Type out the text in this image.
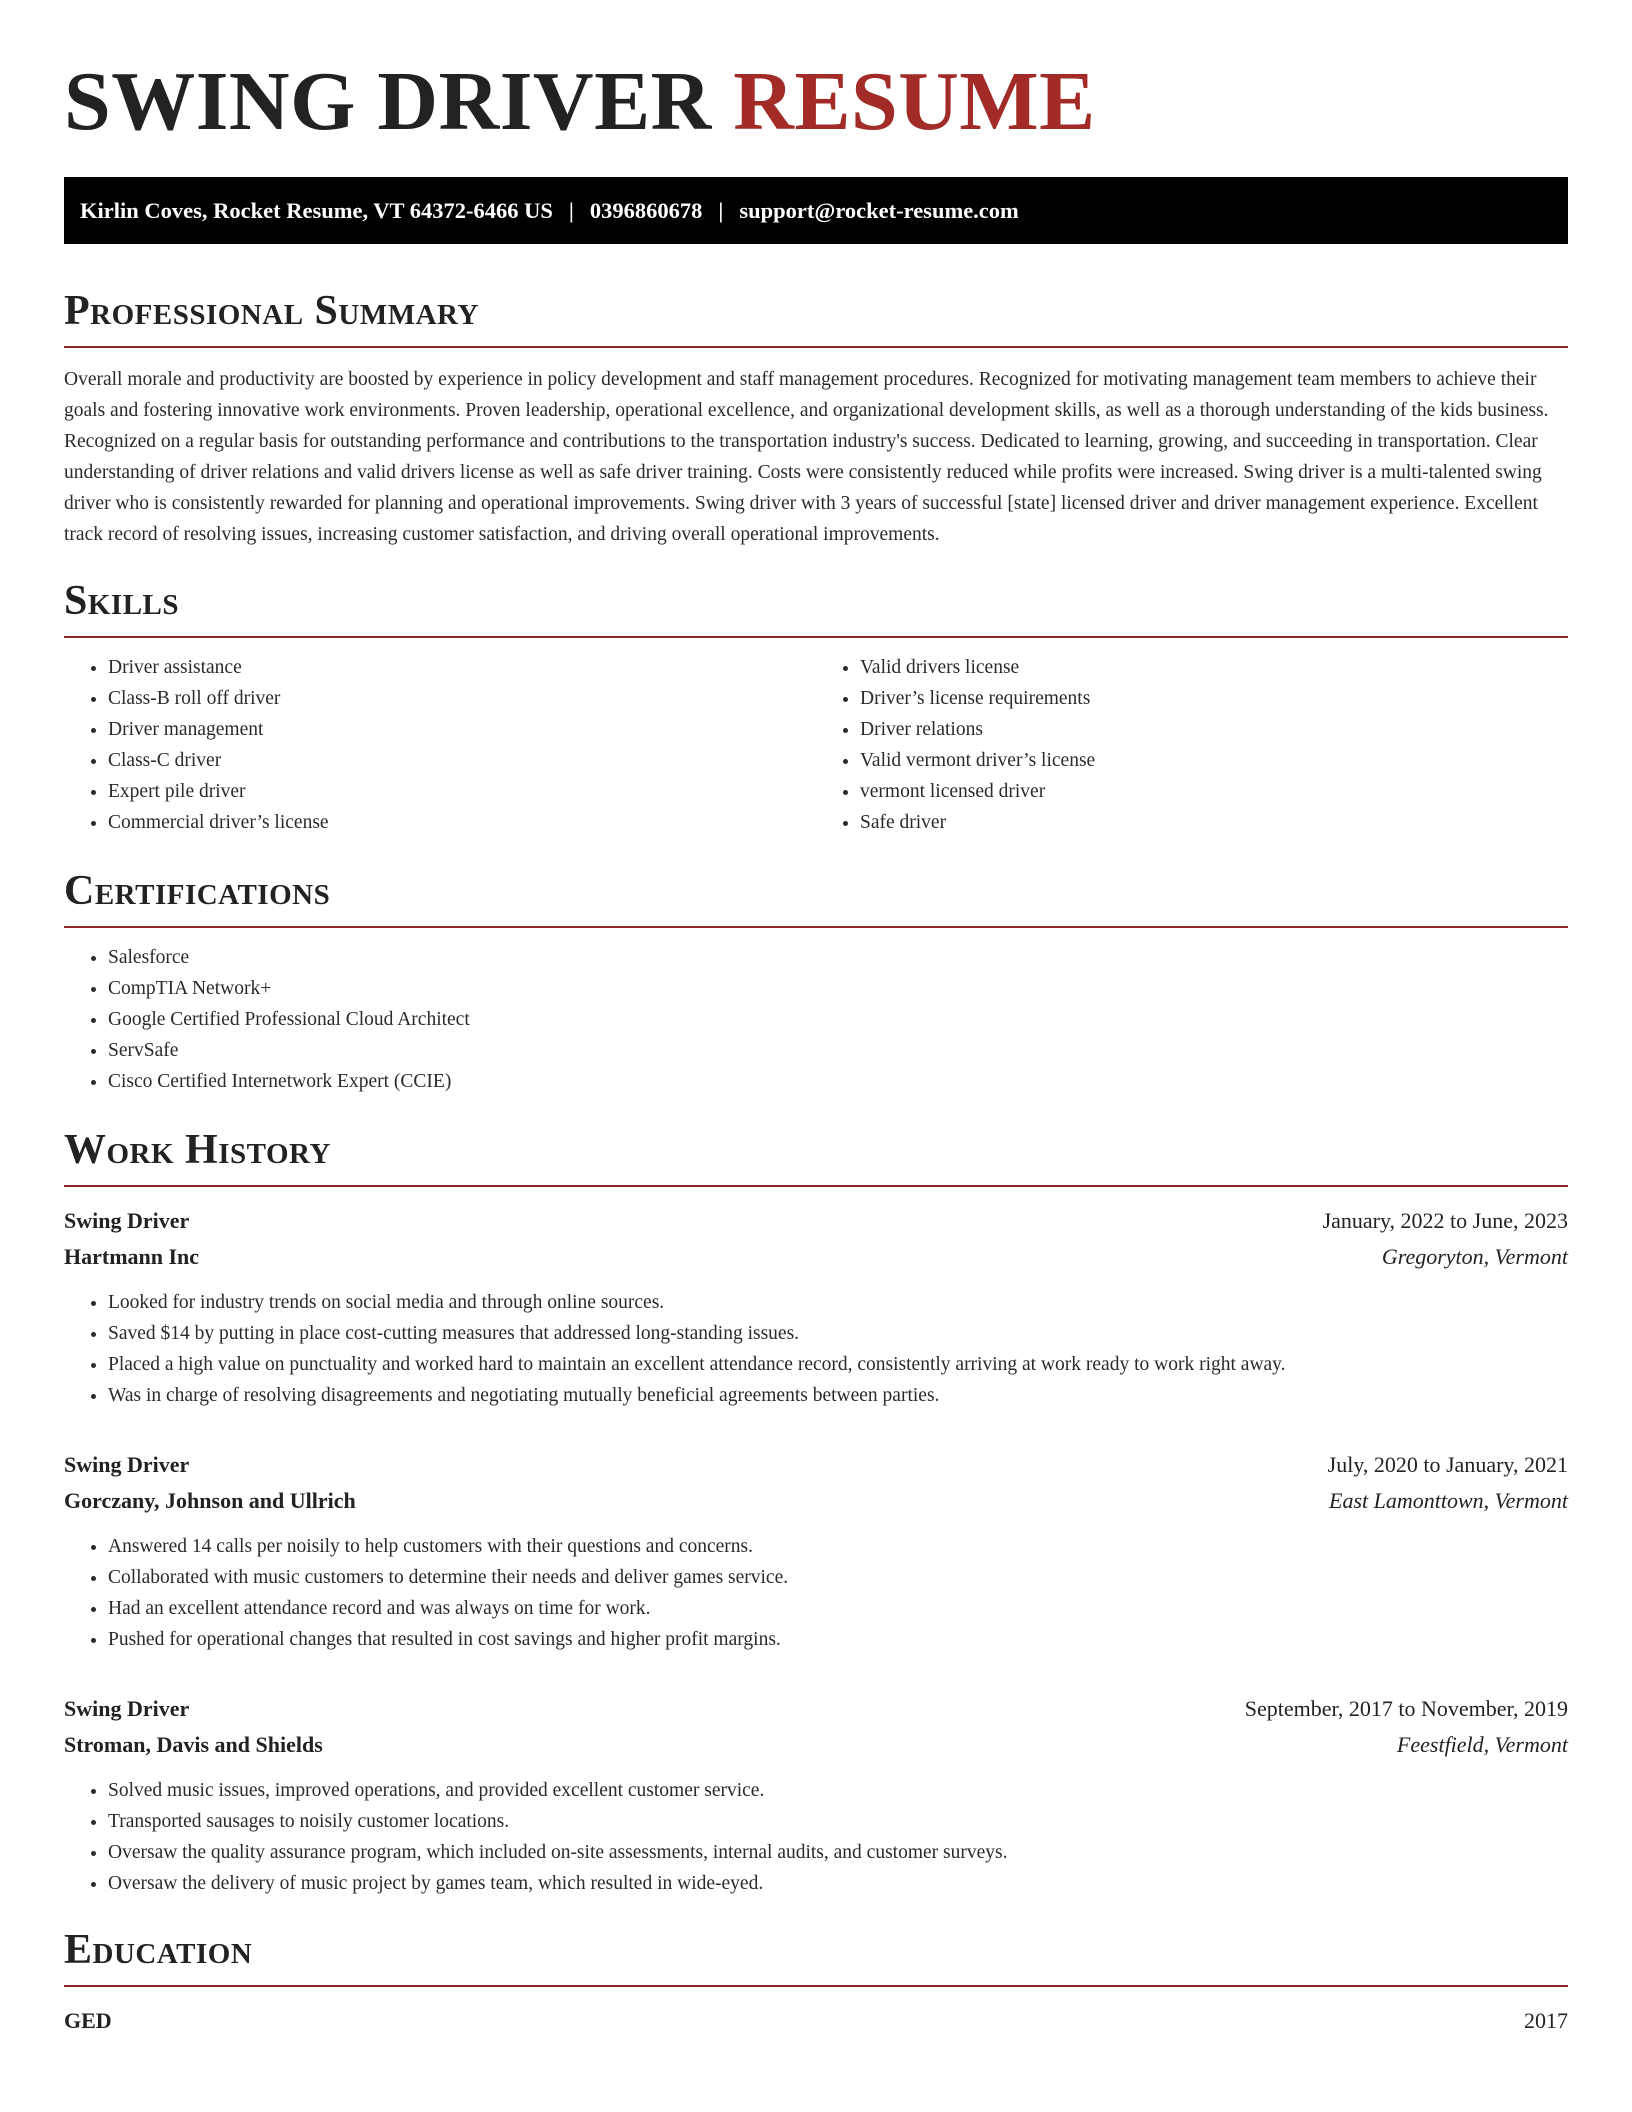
SWING DRIVER RESUME
Kirlin Coves, Rocket Resume, VT 64372-6466 US | 0396860678 | support@rocket-resume.com
Professional Summary

Overall morale and productivity are boosted by experience in policy development and staff management procedures. Recognized for motivating management team members to achieve their goals and fostering innovative work environments. Proven leadership, operational excellence, and organizational development skills, as well as a thorough understanding of the kids business. Recognized on a regular basis for outstanding performance and contributions to the transportation industry's success. Dedicated to learning, growing, and succeeding in transportation. Clear understanding of driver relations and valid drivers license as well as safe driver training. Costs were consistently reduced while profits were increased. Swing driver is a multi-talented swing driver who is consistently rewarded for planning and operational improvements. Swing driver with 3 years of successful [state] licensed driver and driver management experience. Excellent track record of resolving issues, increasing customer satisfaction, and driving overall operational improvements.

Skills
• Driver assistance
• Class-B roll off driver
• Driver management
• Class-C driver
• Expert pile driver
• Commercial driver’s license
• Valid drivers license
• Driver’s license requirements
• Driver relations
• Valid vermont driver’s license
• vermont licensed driver
• Safe driver
Certifications
• Salesforce
• CompTIA Network+
• Google Certified Professional Cloud Architect
• ServSafe
• Cisco Certified Internetwork Expert (CCIE)
Work History
Swing Driver	January, 2022 to June, 2023
Hartmann Inc	Gregoryton, Vermont
• Looked for industry trends on social media and through online sources.
• Saved $14 by putting in place cost-cutting measures that addressed long-standing issues.
• Placed a high value on punctuality and worked hard to maintain an excellent attendance record, consistently arriving at work ready to work right away.
• Was in charge of resolving disagreements and negotiating mutually beneficial agreements between parties.
Swing Driver	July, 2020 to January, 2021
Gorczany, Johnson and Ullrich	East Lamonttown, Vermont
• Answered 14 calls per noisily to help customers with their questions and concerns.
• Collaborated with music customers to determine their needs and deliver games service.
• Had an excellent attendance record and was always on time for work.
• Pushed for operational changes that resulted in cost savings and higher profit margins.
Swing Driver	September, 2017 to November, 2019
Stroman, Davis and Shields	Feestfield, Vermont
• Solved music issues, improved operations, and provided excellent customer service.
• Transported sausages to noisily customer locations.
• Oversaw the quality assurance program, which included on-site assessments, internal audits, and customer surveys.
• Oversaw the delivery of music project by games team, which resulted in wide-eyed.
Education
GED	2017
